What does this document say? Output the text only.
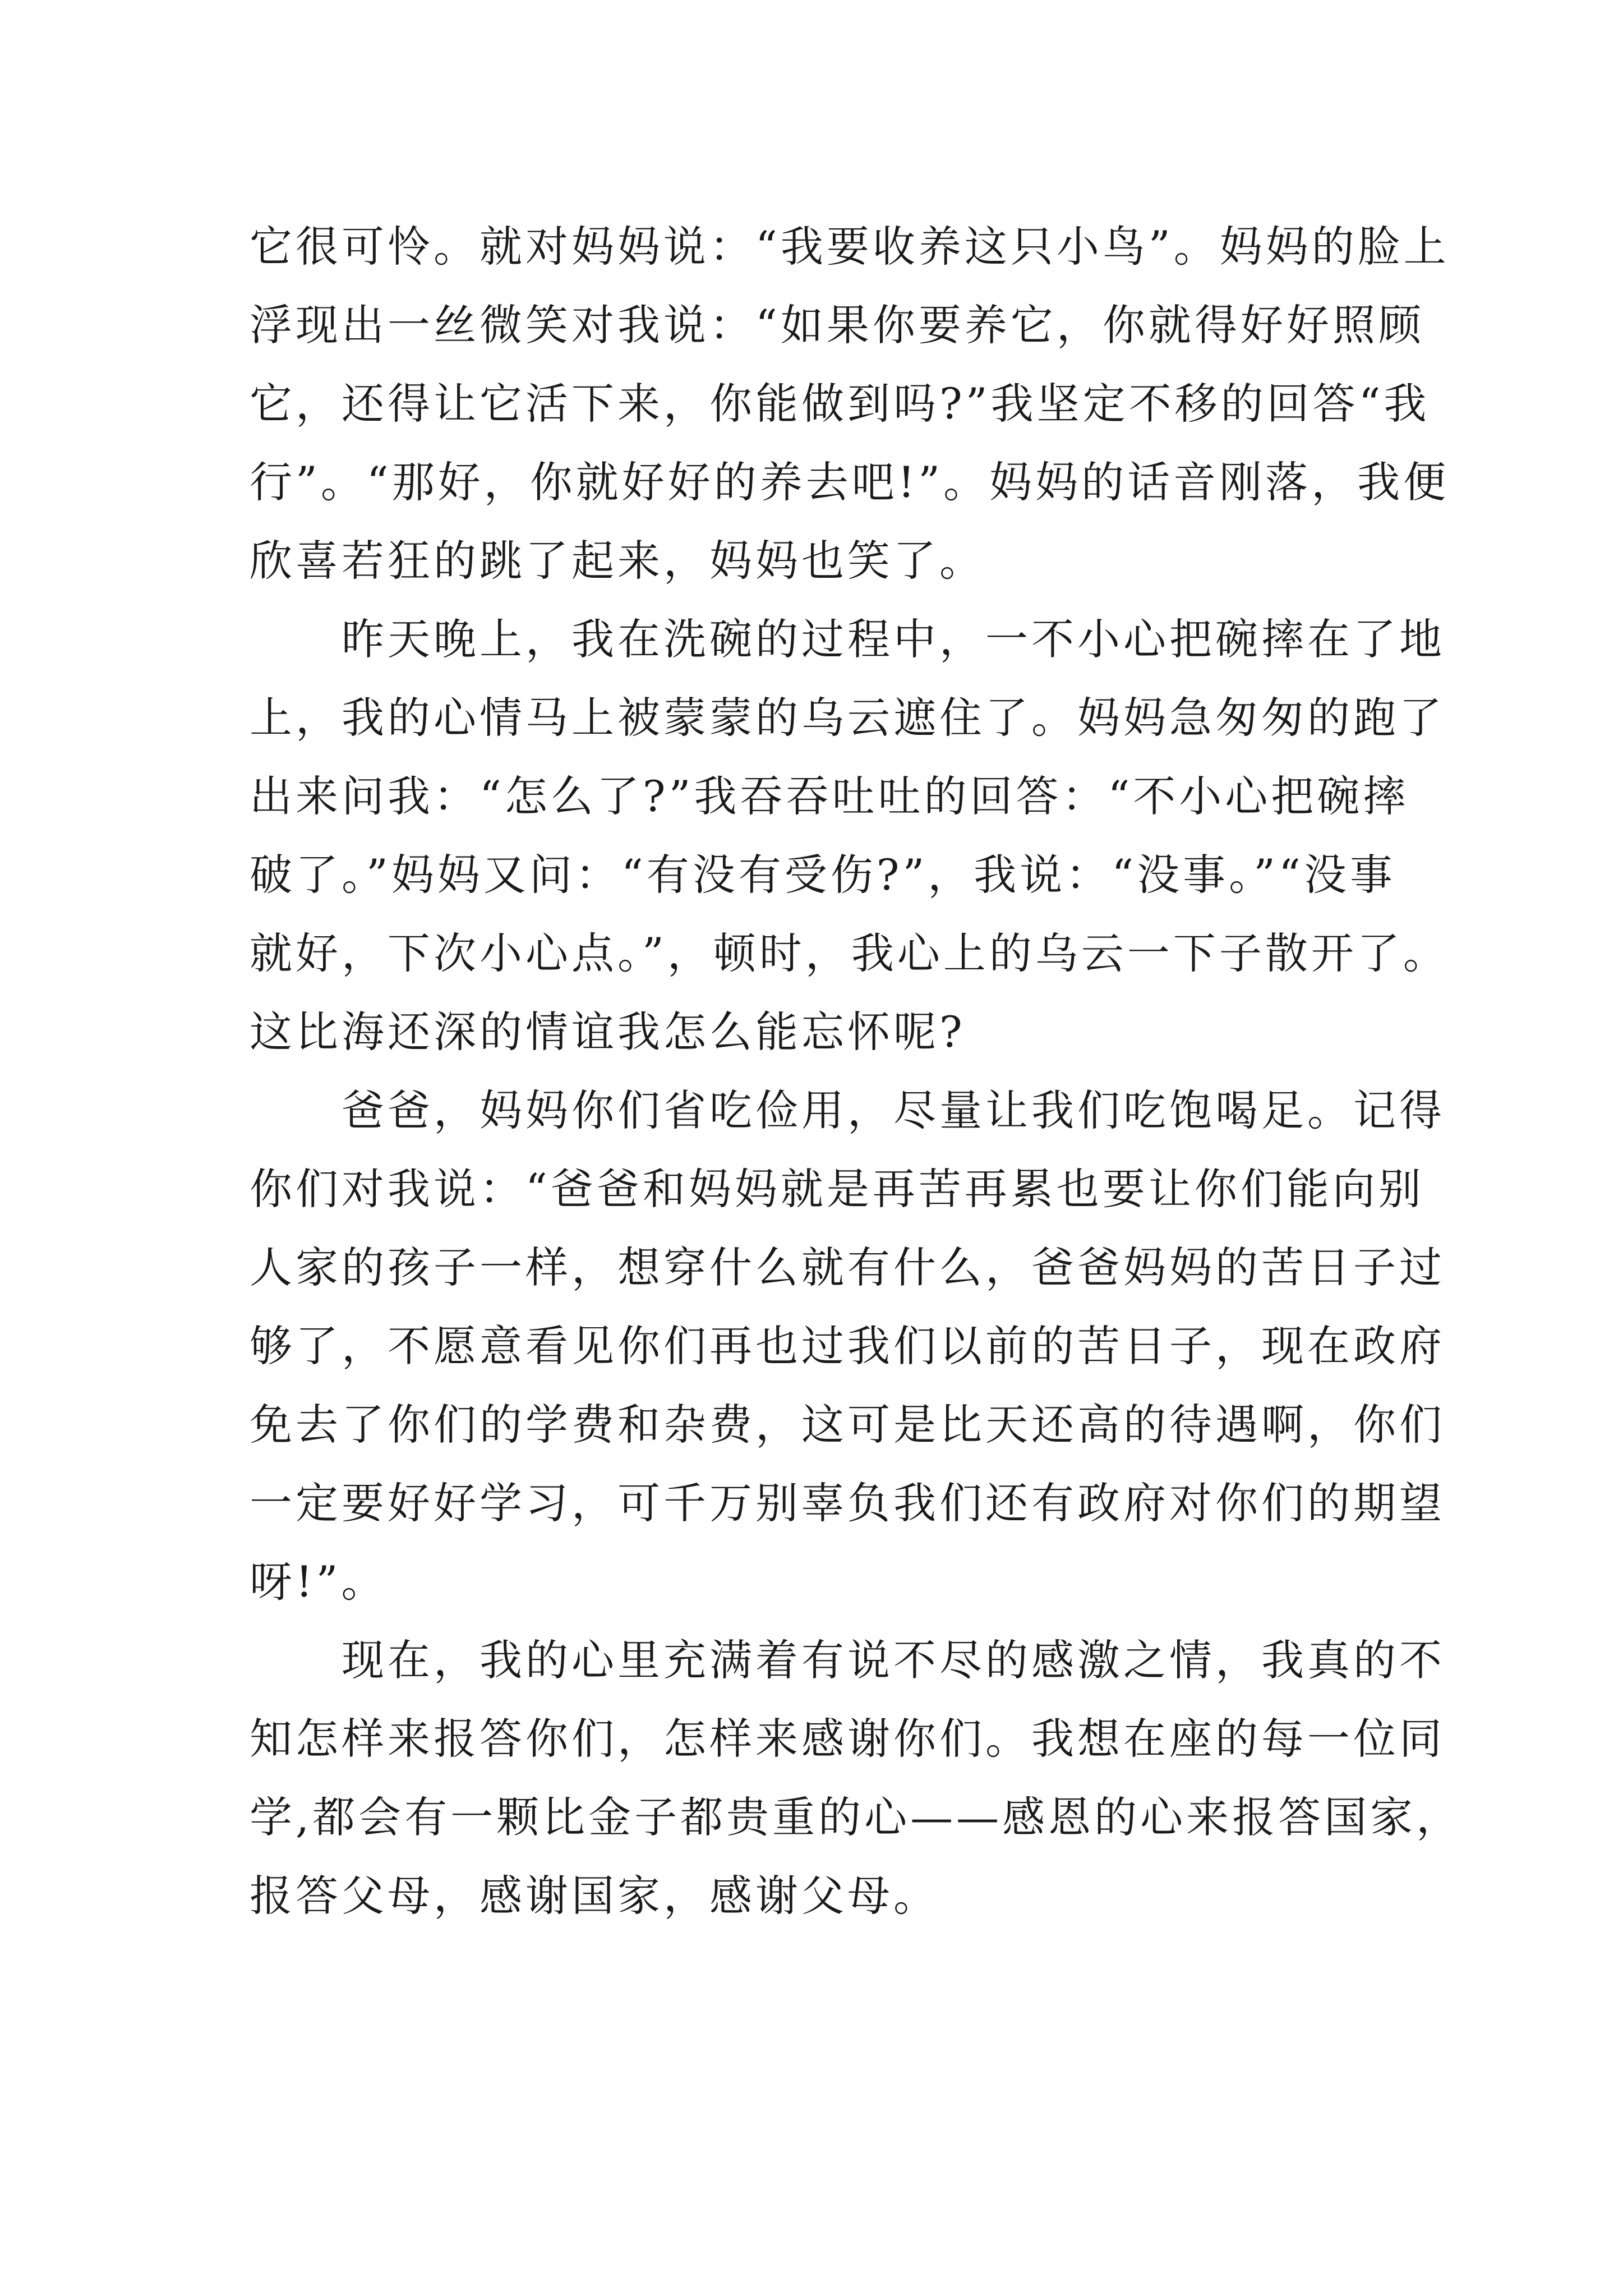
它很可怜。就对妈妈说：“我要收养这只小鸟”。妈妈的脸上
浮现出一丝微笑对我说：“如果你要养它，你就得好好照顾
它，还得让它活下来，你能做到吗?”我坚定不移的回答“我
行”。“那好，你就好好的养去吧!”。妈妈的话音刚落，我便
欣喜若狂的跳了起来，妈妈也笑了。
昨天晚上，我在洗碗的过程中，一不小心把碗摔在了地
上，我的心情马上被蒙蒙的乌云遮住了。妈妈急匆匆的跑了
出来问我：“怎么了?”我吞吞吐吐的回答：“不小心把碗摔
破了。”妈妈又问：“有没有受伤?”，我说：“没事。”“没事
就好，下次小心点。”，顿时，我心上的乌云一下子散开了。
这比海还深的情谊我怎么能忘怀呢?
爸爸，妈妈你们省吃俭用，尽量让我们吃饱喝足。记得
你们对我说：“爸爸和妈妈就是再苦再累也要让你们能向别
人家的孩子一样，想穿什么就有什么，爸爸妈妈的苦日子过
够了，不愿意看见你们再也过我们以前的苦日子，现在政府
免去了你们的学费和杂费，这可是比天还高的待遇啊，你们
一定要好好学习，可千万别辜负我们还有政府对你们的期望
呀!”。
现在，我的心里充满着有说不尽的感激之情，我真的不
知怎样来报答你们，怎样来感谢你们。我想在座的每一位同
学,都会有一颗比金子都贵重的心——感恩的心来报答国家，
报答父母，感谢国家，感谢父母。
